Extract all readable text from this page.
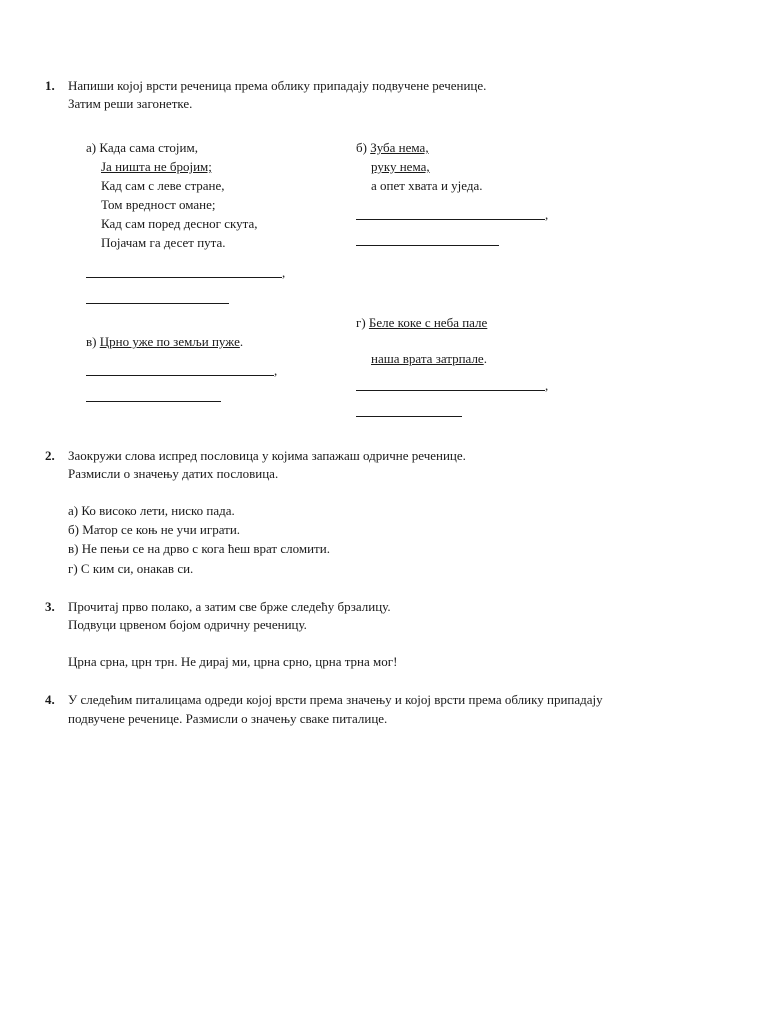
1. Напиши којој врсти реченица према облику припадају подвучене реченице.
Затим реши загонетке.
а) Када сама стојим,
Ја ништа не бројим;
Кад сам с леве стране,
Том вредност омане;
Кад сам поред десног скута,
Појачам га десет пута.
,
б) Зуба нема,
руку нема,
а опет хвата и уједа.
,
г) Беле коке с неба пале
наша врата затрпале.
,
в) Црно уже по земљи пуже.
,
2. Заокружи слова испред пословица у којима запажаш одричне реченице.
Размисли о значењу датих пословица.
а) Ко високо лети, ниско пада.
б) Матор се коњ не учи играти.
в) Не пењи се на дрво с кога ћеш врат сломити.
г) С ким си, онакав си.
3. Прочитај прво полако, а затим све брже следећу брзалицу.
Подвуци црвеном бојом одричну реченицу.
Црна срна, црн трн. Не дирај ми, црна срно, црна трна мог!
4. У следећим питалицама одреди којој врсти према значењу и којој врсти према облику припадају
подвучене реченице. Размисли о значењу сваке питалице.
